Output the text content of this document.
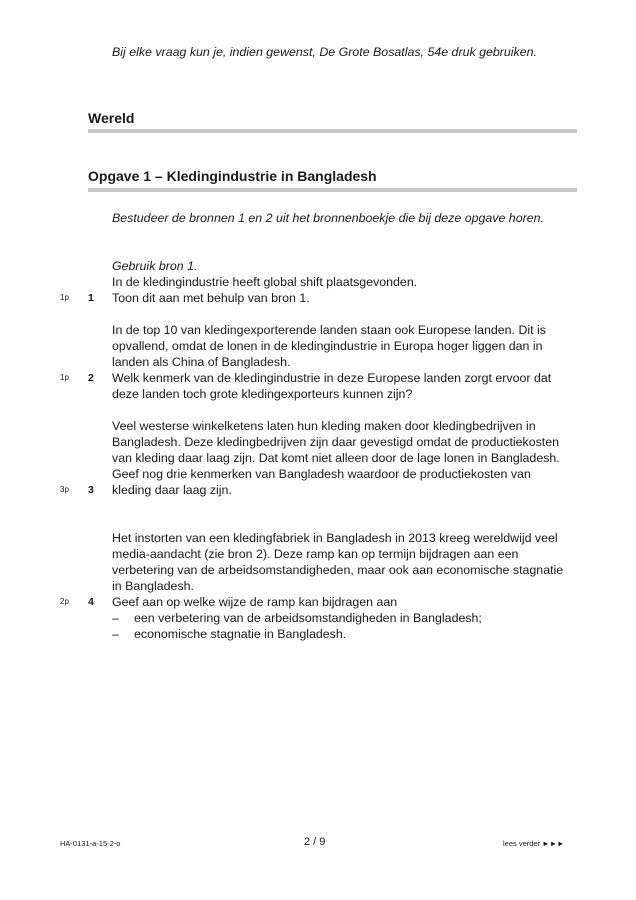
Bij elke vraag kun je, indien gewenst, De Grote Bosatlas, 54e druk gebruiken.
Wereld
Opgave 1 – Kledingindustrie in Bangladesh
Bestudeer de bronnen 1 en 2 uit het bronnenboekje die bij deze opgave horen.

Gebruik bron 1.

In de kledingindustrie heeft global shift plaatsgevonden.

Toon dit aan met behulp van bron 1.

1p 1

In de top 10 van kledingexporterende landen staan ook Europese landen. Dit is opvallend, omdat de lonen in de kledingindustrie in Europa hoger liggen dan in landen als China of Bangladesh.

Welk kenmerk van de kledingindustrie in deze Europese landen zorgt ervoor dat deze landen toch grote kledingexporteurs kunnen zijn?

1p 2

Veel westerse winkelketens laten hun kleding maken door kledingbedrijven in Bangladesh. Deze kledingbedrijven zijn daar gevestigd omdat de productiekosten van kleding daar laag zijn. Dat komt niet alleen door de lage lonen in Bangladesh.

Geef nog drie kenmerken van Bangladesh waardoor de productiekosten van kleding daar laag zijn.

3p 3

Het instorten van een kledingfabriek in Bangladesh in 2013 kreeg wereldwijd veel media-aandacht (zie bron 2). Deze ramp kan op termijn bijdragen aan een verbetering van de arbeidsomstandigheden, maar ook aan economische stagnatie in Bangladesh.

Geef aan op welke wijze de ramp kan bijdragen aan

–	een verbetering van de arbeidsomstandigheden in Bangladesh;
–	economische stagnatie in Bangladesh.
2p 4
HA-0131-a-15-2-o	2 / 9	lees verder ►►►
